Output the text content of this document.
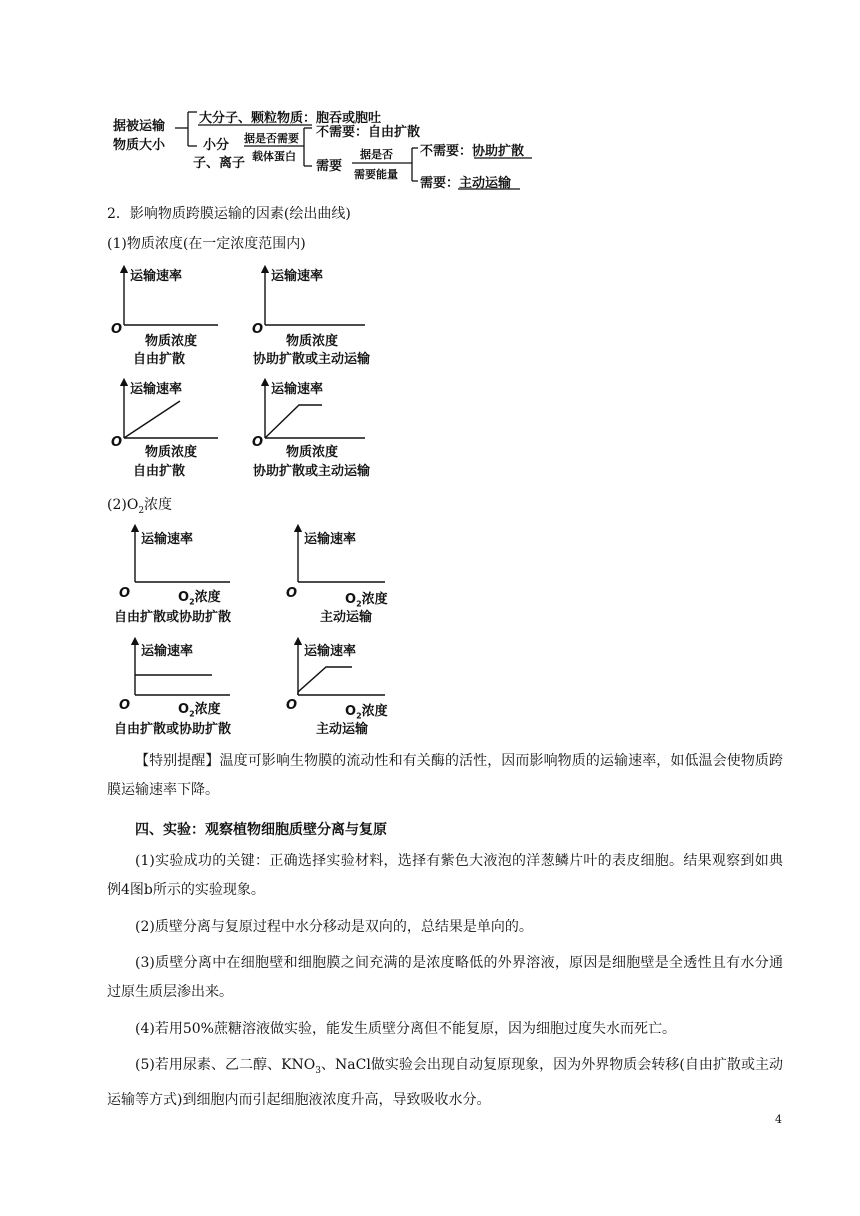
据被运输
物质大小
大分子、颗粒物质：胞吞或胞吐
小分
子、离子
据是否需要
载体蛋白
不需要：自由扩散
需要
据是否
需要能量
不需要：协助扩散
需要：主动运输
2．影响物质跨膜运输的因素(绘出曲线)
(1)物质浓度(在一定浓度范围内)
运输速率
O
物质浓度
自由扩散
运输速率
O
物质浓度
协助扩散或主动运输
运输速率
O
物质浓度
自由扩散
运输速率
O
物质浓度
协助扩散或主动运输
$(2)O_2$浓度
运输速率
O	$O_2$浓度
自由扩散或协助扩散
运输速率
O	$O_2$浓度
主动运输
运输速率
O	$O_2$浓度
自由扩散或协助扩散
运输速率
O	$O_2$浓度
主动运输
【特别提醒】温度可影响生物膜的流动性和有关酶的活性，因而影响物质的运输速率，如低温会使物质跨膜运输速率下降。
四、实验：观察植物细胞质壁分离与复原
(1)实验成功的关键：正确选择实验材料，选择有紫色大液泡的洋葱鳞片叶的表皮细胞。结果观察到如典例4图b所示的实验现象。
(2)质壁分离与复原过程中水分移动是双向的，总结果是单向的。
(3)质壁分离中在细胞壁和细胞膜之间充满的是浓度略低的外界溶液，原因是细胞壁是全透性且有水分通过原生质层渗出来。
(4)若用50%蔗糖溶液做实验，能发生质壁分离但不能复原，因为细胞过度失水而死亡。
(5)若用尿素、乙二醇、$KNO_3$、NaCl做实验会出现自动复原现象，因为外界物质会转移(自由扩散或主动运输等方式)到细胞内而引起细胞液浓度升高，导致吸收水分。
4
